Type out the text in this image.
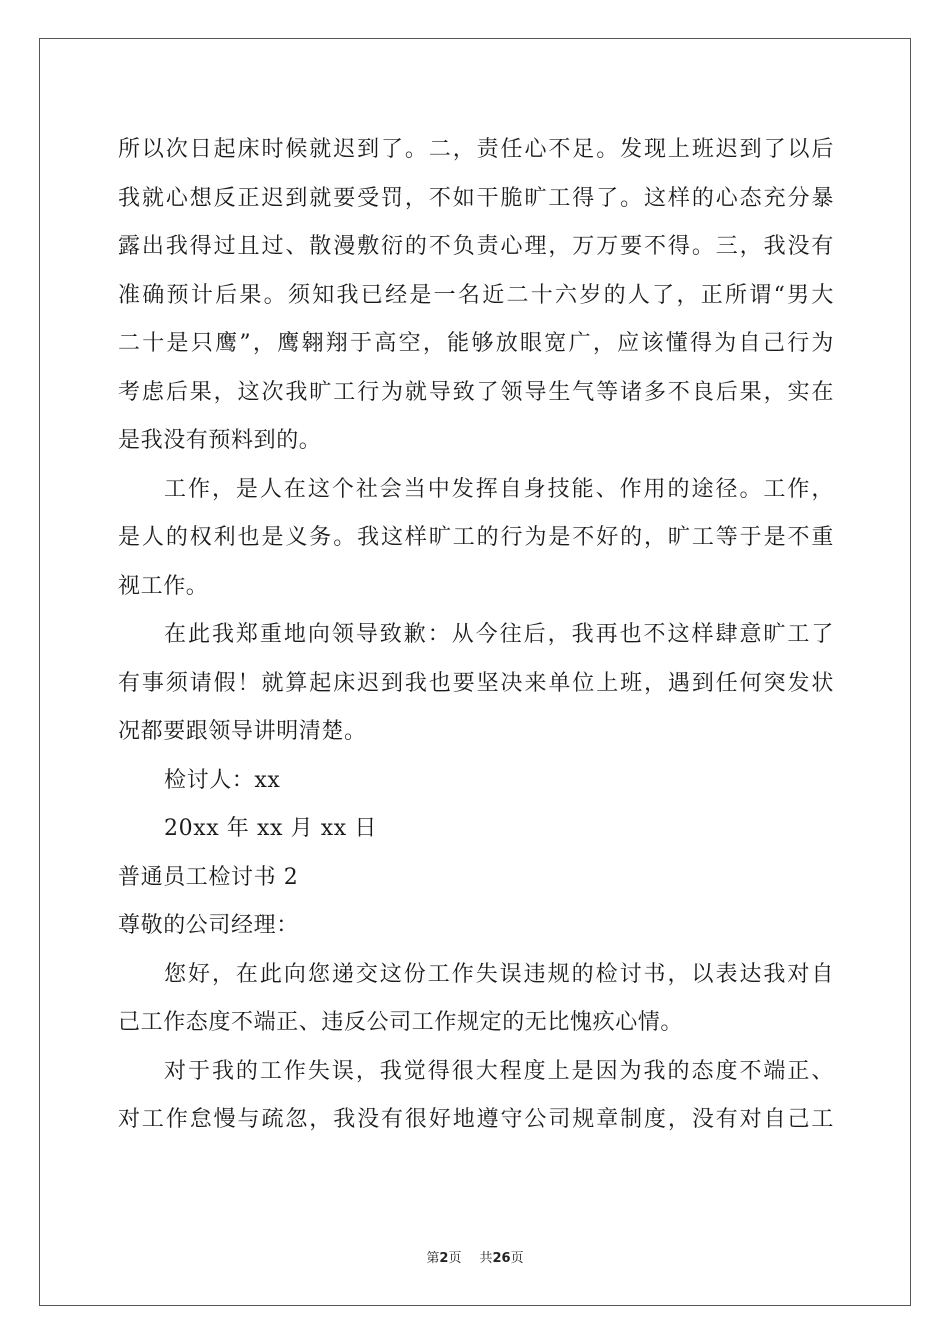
所以次日起床时候就迟到了。二，责任心不足。发现上班迟到了以后
我就心想反正迟到就要受罚，不如干脆旷工得了。这样的心态充分暴
露出我得过且过、散漫敷衍的不负责心理，万万要不得。三，我没有
准确预计后果。须知我已经是一名近二十六岁的人了，正所谓“男大
二十是只鹰”，鹰翱翔于高空，能够放眼宽广，应该懂得为自己行为
考虑后果，这次我旷工行为就导致了领导生气等诸多不良后果，实在
是我没有预料到的。
工作，是人在这个社会当中发挥自身技能、作用的途径。工作，
是人的权利也是义务。我这样旷工的行为是不好的，旷工等于是不重
视工作。
在此我郑重地向领导致歉：从今往后，我再也不这样肆意旷工了
有事须请假！就算起床迟到我也要坚决来单位上班，遇到任何突发状
况都要跟领导讲明清楚。
检讨人：xx
20xx 年 xx 月 xx 日
普通员工检讨书 2
尊敬的公司经理：
您好，在此向您递交这份工作失误违规的检讨书，以表达我对自
己工作态度不端正、违反公司工作规定的无比愧疚心情。
对于我的工作失误，我觉得很大程度上是因为我的态度不端正、
对工作怠慢与疏忽，我没有很好地遵守公司规章制度，没有对自己工
第2页 共26页
